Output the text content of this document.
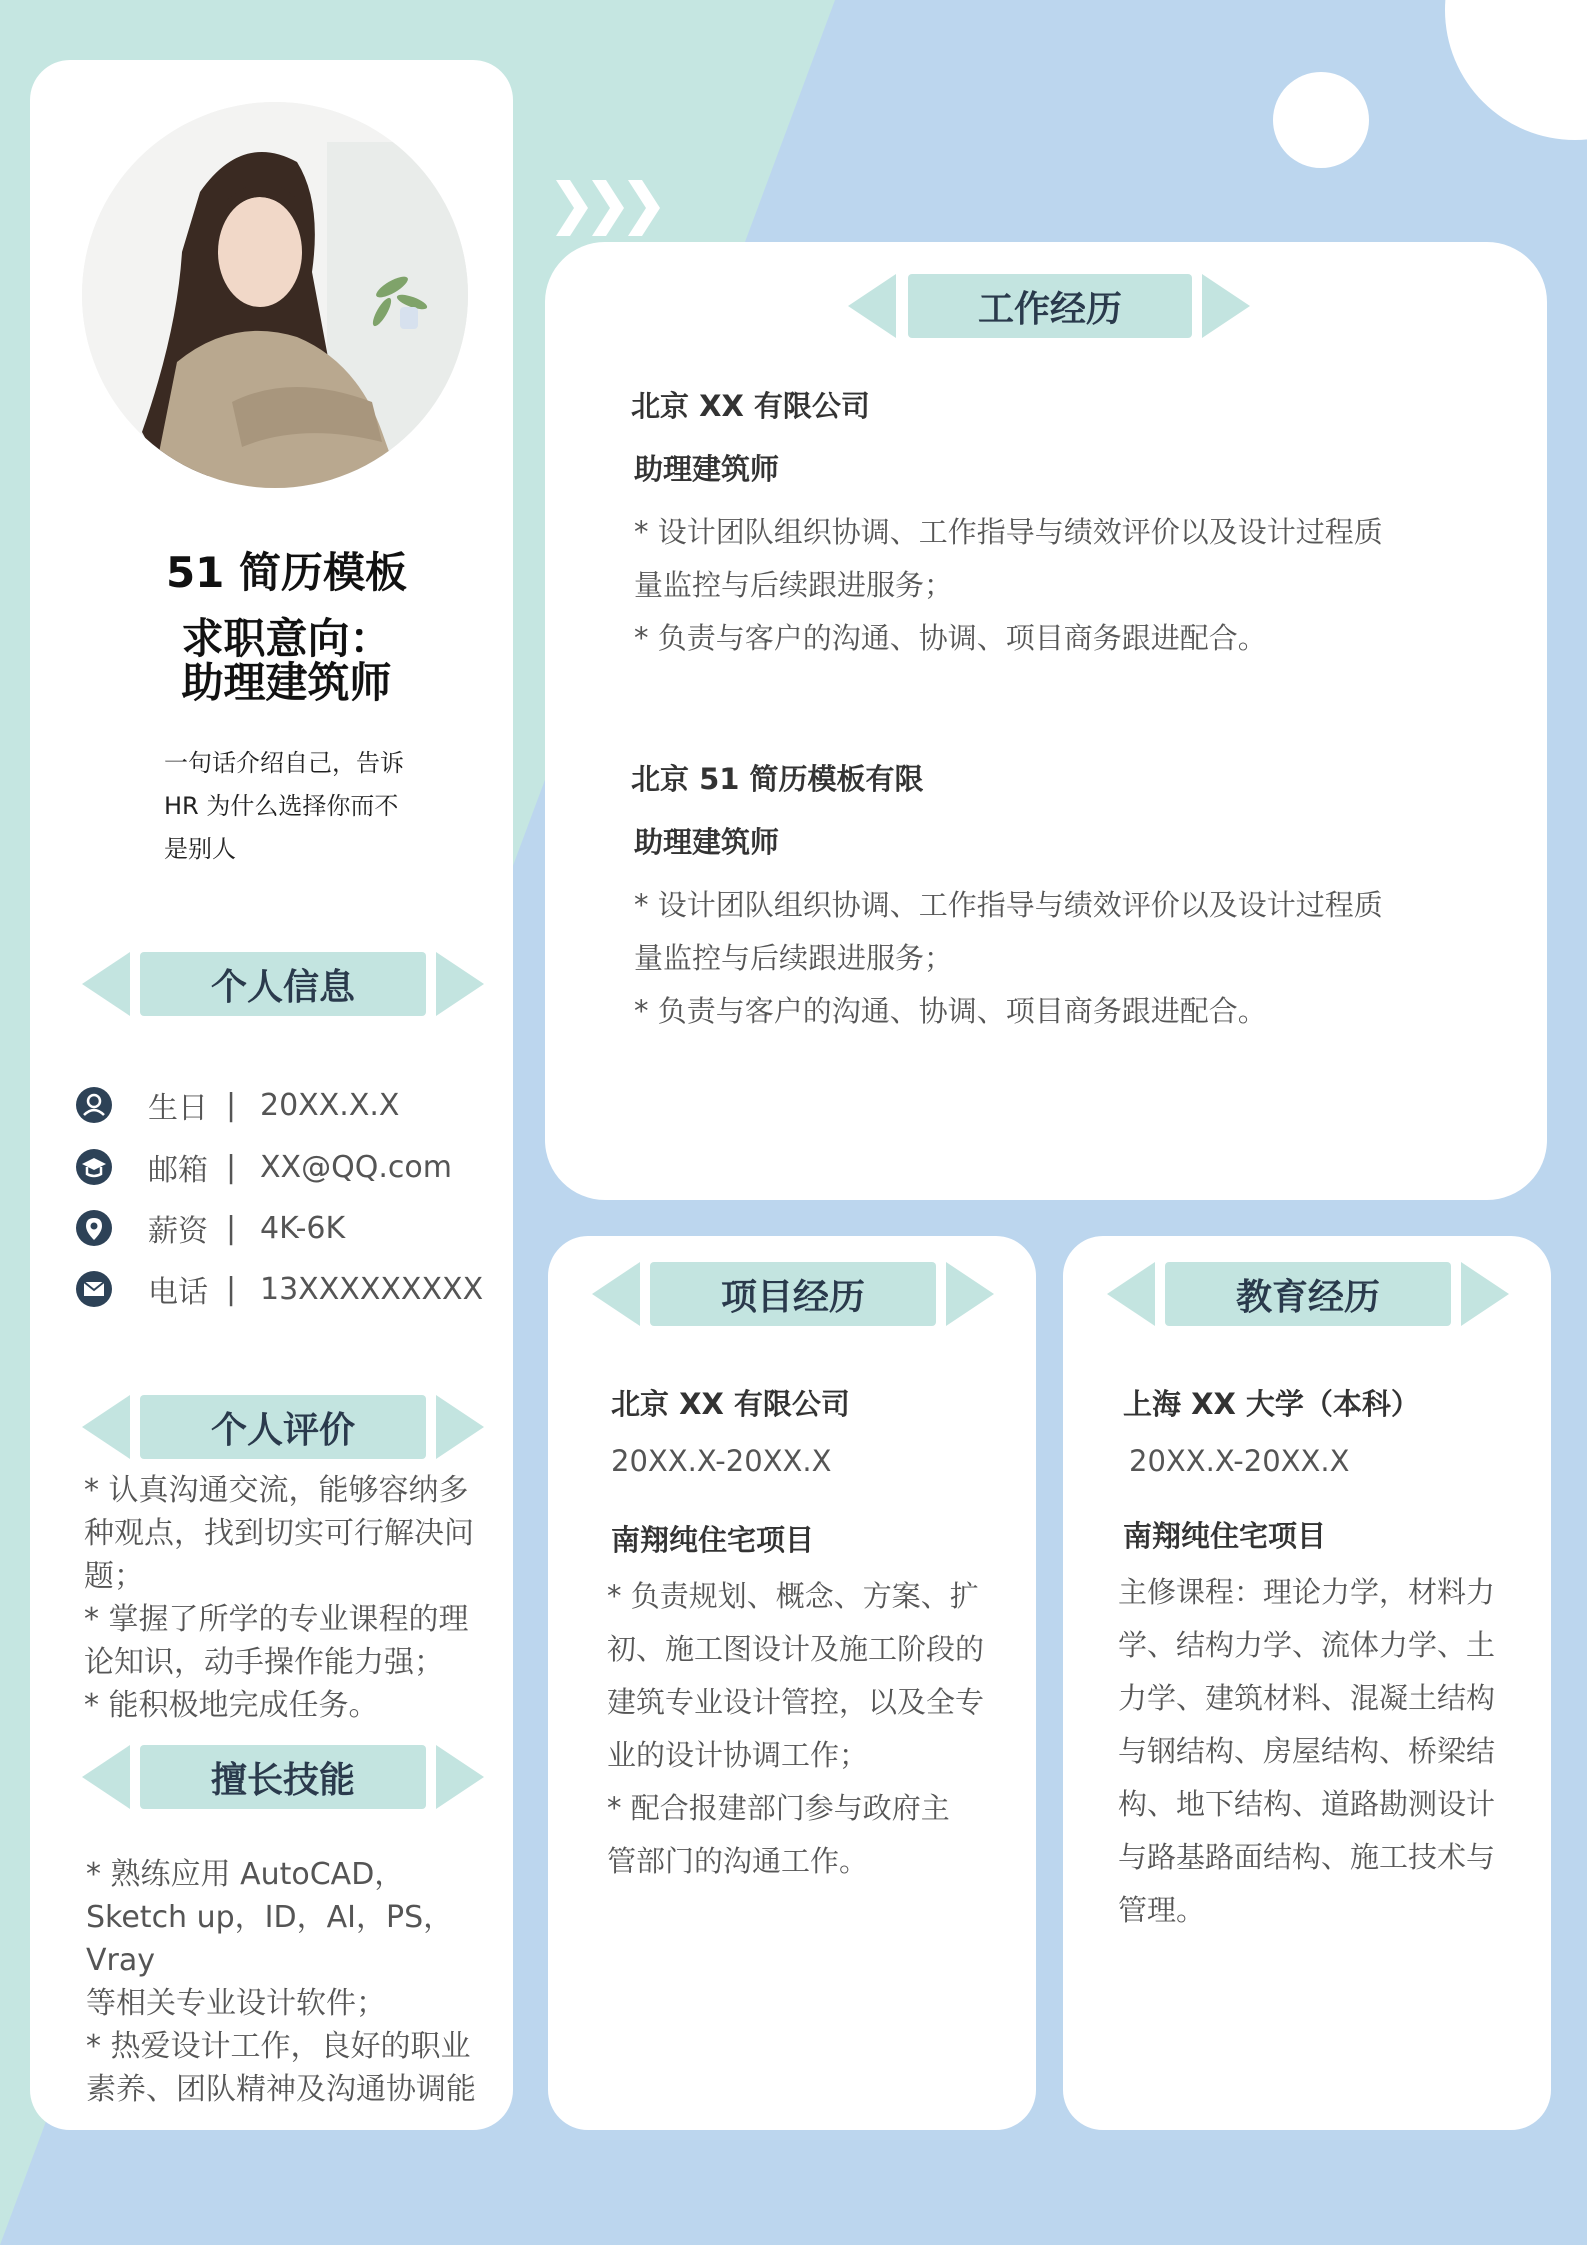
51 简历模板
求职意向：
助理建筑师
一句话介绍自己，告诉
HR 为什么选择你而不
是别人
个人信息
生日 | 20XX.X.X
邮箱 | XX@QQ.com
薪资 | 4K-6K
电话 | 13XXXXXXXXX
个人评价
* 认真沟通交流，能够容纳多
种观点，找到切实可行解决问
题；
* 掌握了所学的专业课程的理
论知识，动手操作能力强；
* 能积极地完成任务。
擅长技能
* 熟练应用 AutoCAD，
Sketch up，ID，AI，PS，Vray
等相关专业设计软件；
* 热爱设计工作，良好的职业
素养、团队精神及沟通协调能
工作经历
北京 XX 有限公司
助理建筑师
* 设计团队组织协调、工作指导与绩效评价以及设计过程质
量监控与后续跟进服务；
* 负责与客户的沟通、协调、项目商务跟进配合。
北京 51 简历模板有限
助理建筑师
* 设计团队组织协调、工作指导与绩效评价以及设计过程质
量监控与后续跟进服务；
* 负责与客户的沟通、协调、项目商务跟进配合。
项目经历
北京 XX 有限公司
20XX.X-20XX.X
南翔纯住宅项目
* 负责规划、概念、方案、扩
初、施工图设计及施工阶段的
建筑专业设计管控，以及全专
业的设计协调工作；
* 配合报建部门参与政府主
管部门的沟通工作。
教育经历
上海 XX 大学（本科）
20XX.X-20XX.X
南翔纯住宅项目
主修课程：理论力学，材料力
学、结构力学、流体力学、土
力学、建筑材料、混凝土结构
与钢结构、房屋结构、桥梁结
构、地下结构、道路勘测设计
与路基路面结构、施工技术与
管理。
